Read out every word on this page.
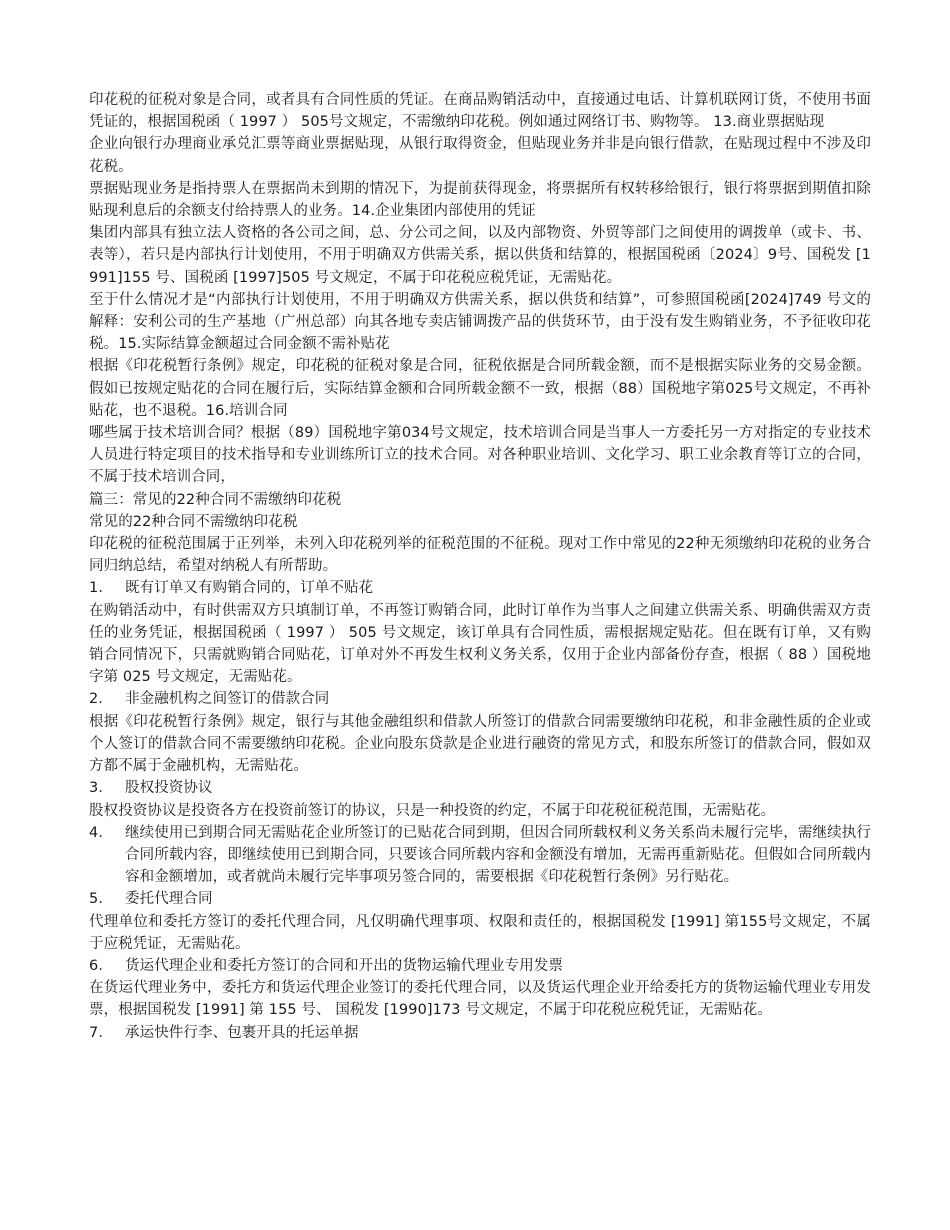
印花税的征税对象是合同，或者具有合同性质的凭证。在商品购销活动中，直接通过电话、计算机联网订货，不使用书面凭证的，根据国税函（ 1997 ） 505号文规定，不需缴纳印花税。例如通过网络订书、购物等。 13.商业票据贴现

企业向银行办理商业承兑汇票等商业票据贴现，从银行取得资金，但贴现业务并非是向银行借款，在贴现过程中不涉及印花税。

票据贴现业务是指持票人在票据尚未到期的情况下，为提前获得现金，将票据所有权转移给银行，银行将票据到期值扣除贴现利息后的余额支付给持票人的业务。14.企业集团内部使用的凭证

集团内部具有独立法人资格的各公司之间，总、分公司之间，以及内部物资、外贸等部门之间使用的调拨单（或卡、书、表等），若只是内部执行计划使用，不用于明确双方供需关系，据以供货和结算的，根据国税函〔2024〕9号、国税发 [1991]155 号、国税函 [1997]505 号文规定，不属于印花税应税凭证，无需贴花。

至于什么情况才是“内部执行计划使用，不用于明确双方供需关系，据以供货和结算”，可参照国税函[2024]749 号文的解释：安利公司的生产基地（广州总部）向其各地专卖店铺调拨产品的供货环节，由于没有发生购销业务，不予征收印花税。15.实际结算金额超过合同金额不需补贴花

根据《印花税暂行条例》规定，印花税的征税对象是合同，征税依据是合同所载金额，而不是根据实际业务的交易金额。假如已按规定贴花的合同在履行后，实际结算金额和合同所载金额不一致，根据（88）国税地字第025号文规定，不再补贴花，也不退税。16.培训合同

哪些属于技术培训合同？根据（89）国税地字第034号文规定，技术培训合同是当事人一方委托另一方对指定的专业技术人员进行特定项目的技术指导和专业训练所订立的技术合同。对各种职业培训、文化学习、职工业余教育等订立的合同，不属于技术培训合同，

篇三：常见的22种合同不需缴纳印花税

常见的22种合同不需缴纳印花税

印花税的征税范围属于正列举，未列入印花税列举的征税范围的不征税。现对工作中常见的22种无须缴纳印花税的业务合同归纳总结，希望对纳税人有所帮助。

1． 既有订单又有购销合同的，订单不贴花

在购销活动中，有时供需双方只填制订单，不再签订购销合同，此时订单作为当事人之间建立供需关系、明确供需双方责任的业务凭证，根据国税函（ 1997 ） 505 号文规定，该订单具有合同性质，需根据规定贴花。但在既有订单，又有购销合同情况下，只需就购销合同贴花，订单对外不再发生权利义务关系，仅用于企业内部备份存查，根据（ 88 ）国税地字第 025 号文规定，无需贴花。

2． 非金融机构之间签订的借款合同

根据《印花税暂行条例》规定，银行与其他金融组织和借款人所签订的借款合同需要缴纳印花税，和非金融性质的企业或个人签订的借款合同不需要缴纳印花税。企业向股东贷款是企业进行融资的常见方式，和股东所签订的借款合同，假如双方都不属于金融机构，无需贴花。

3． 股权投资协议

股权投资协议是投资各方在投资前签订的协议，只是一种投资的约定，不属于印花税征税范围，无需贴花。

4． 继续使用已到期合同无需贴花企业所签订的已贴花合同到期，但因合同所载权利义务关系尚未履行完毕，需继续执行合同所载内容，即继续使用已到期合同，只要该合同所载内容和金额没有增加，无需再重新贴花。但假如合同所载内容和金额增加，或者就尚未履行完毕事项另签合同的，需要根据《印花税暂行条例》另行贴花。
5． 委托代理合同

代理单位和委托方签订的委托代理合同，凡仅明确代理事项、权限和责任的，根据国税发 [1991] 第155号文规定，不属于应税凭证，无需贴花。

6． 货运代理企业和委托方签订的合同和开出的货物运输代理业专用发票

在货运代理业务中，委托方和货运代理企业签订的委托代理合同，以及货运代理企业开给委托方的货物运输代理业专用发票，根据国税发 [1991] 第 155 号、 国税发 [1990]173 号文规定，不属于印花税应税凭证，无需贴花。

7． 承运快件行李、包裹开具的托运单据
